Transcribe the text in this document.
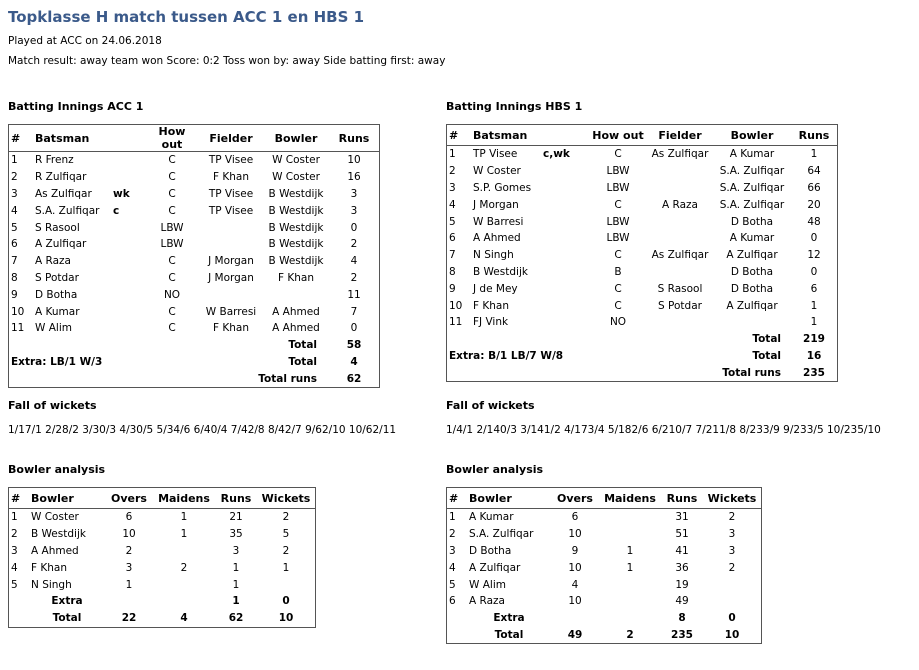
Topklasse H match tussen ACC 1 en HBS 1
Played at ACC on 24.06.2018
Match result: away team won Score: 0:2 Toss won by: away Side batting first: away
Batting Innings ACC 1
#	Batsman	How out	Fielder	Bowler	Runs
1	R Frenz	C	TP Visee	W Coster	10
2	R Zulfiqar	C	F Khan	W Coster	16
3	As Zulfiqar wk	C	TP Visee	B Westdijk	3
4	S.A. Zulfiqar c	C	TP Visee	B Westdijk	3
5	S Rasool	LBW		B Westdijk	0
6	A Zulfiqar	LBW		B Westdijk	2
7	A Raza	C	J Morgan	B Westdijk	4
8	S Potdar	C	J Morgan	F Khan	2
9	D Botha	NO			11
10	A Kumar	C	W Barresi	A Ahmed	7
11	W Alim	C	F Khan	A Ahmed	0
Total					58
Extra: LB/1 W/3			Total		4
Total runs					62
Batting Innings HBS 1
#	Batsman	How out	Fielder	Bowler	Runs
1	TP Visee c,wk	C	As Zulfiqar	A Kumar	1
2	W Coster	LBW		S.A. Zulfiqar	64
3	S.P. Gomes	LBW		S.A. Zulfiqar	66
4	J Morgan	C	A Raza	S.A. Zulfiqar	20
5	W Barresi	LBW		D Botha	48
6	A Ahmed	LBW		A Kumar	0
7	N Singh	C	As Zulfiqar	A Zulfiqar	12
8	B Westdijk	B		D Botha	0
9	J de Mey	C	S Rasool	D Botha	6
10	F Khan	C	S Potdar	A Zulfiqar	1
11	FJ Vink	NO			1
Total					219
Extra: B/1 LB/7 W/8			Total		16
Total runs					235
Fall of wickets
1/17/1 2/28/2 3/30/3 4/30/5 5/34/6 6/40/4 7/42/8 8/42/7 9/62/10 10/62/11
Fall of wickets
1/4/1 2/140/3 3/141/2 4/173/4 5/182/6 6/210/7 7/211/8 8/233/9 9/233/5 10/235/10
Bowler analysis
#	Bowler	Overs	Maidens	Runs	Wickets
1	W Coster	6	1	21	2
2	B Westdijk	10	1	35	5
3	A Ahmed	2		3	2
4	F Khan	3	2	1	1
5	N Singh	1		1	
	Extra			1	0
	Total	22	4	62	10
Bowler analysis
#	Bowler	Overs	Maidens	Runs	Wickets
1	A Kumar	6		31	2
2	S.A. Zulfiqar	10		51	3
3	D Botha	9	1	41	3
4	A Zulfiqar	10	1	36	2
5	W Alim	4		19	
6	A Raza	10		49	
	Extra			8	0
	Total	49	2	235	10
